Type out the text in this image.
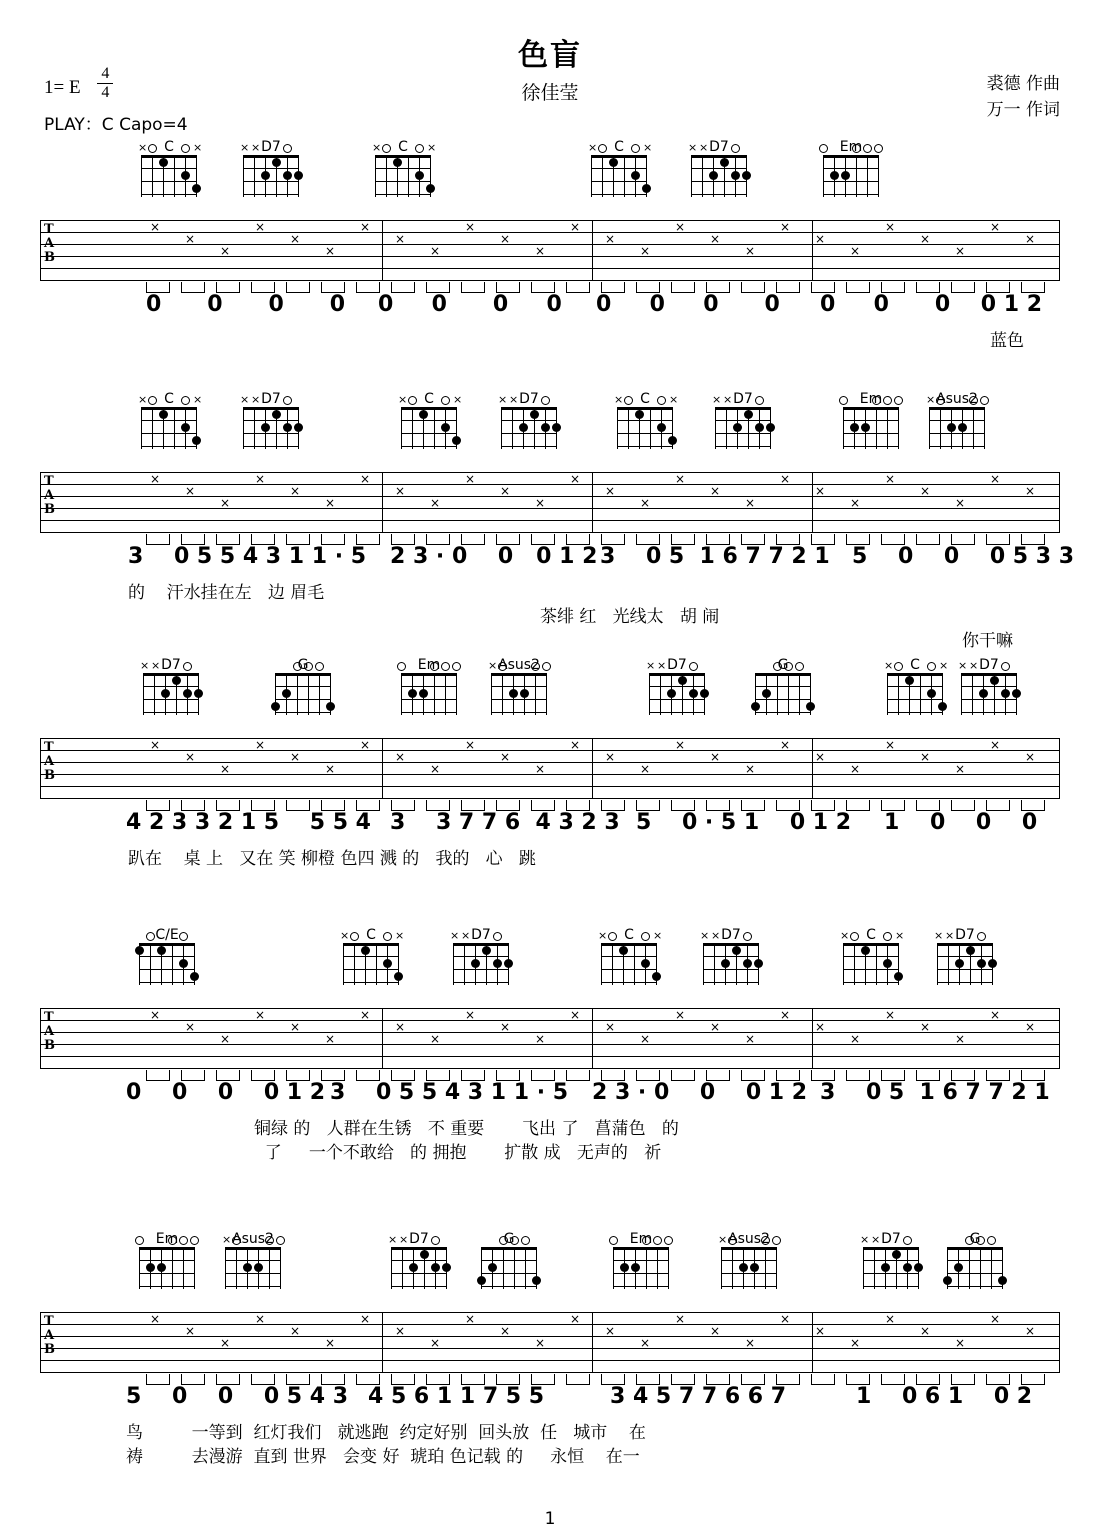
色盲
徐佳莹
1= E $\frac{4}{4}$
PLAY：C Capo=4
裘德 作曲
万一 作词
C
×	×	D7
× ×	C
×	×	C
×	×	D7
× ×	Em
T
A
B
×
×
×
×
×
×
×
×
×
×
×
×
×
×
×
×
×
×
×
×
×
×
×
×
×
×
0      0      0      0 0     0      0     0 0     0     0      0 0     0      0    0 1 2
蓝色
C
×	×	D7
× ×	C
×	×	D7
× ×	C
×	×	D7
× ×	Em	Asus2
×
T
A
B
×
×
×
×
×
×
×
×
×
×
×
×
×
×
×
×
×
×
×
×
×
×
×
×
×
×
3    0 5 5 4 3 1 1 · 5 2 3 · 0    0   0 1 2 3    0 5  1 6 7 7 2 1 5    0    0    0 5 3 3
的    汗水挂在左   边 眉毛
茶绯 红   光线太   胡 闹
你干嘛
D7
× ×	G	Em	Asus2
×	D7
× ×	G	C
×	×	D7
× ×
T
A
B
×
×
×
×
×
×
×
×
×
×
×
×
×
×
×
×
×
×
×
×
×
×
×
×
×
×
4 2 3 3 2 1 5    5 5 4 3    3 7 7 6  4 3 2 3 5    0 · 5 1    0 1 2 1    0    0    0
趴在    桌 上   又在 笑 柳橙 色四 溅 的   我的   心   跳
C/E	C
×	×	D7
× ×	C
×	×	D7
× ×	C
×	×	D7
× ×
T
A
B
×
×
×
×
×
×
×
×
×
×
×
×
×
×
×
×
×
×
×
×
×
×
×
×
×
×
0    0    0    0 1 2 3    0 5 5 4 3 1 1 · 5 2 3 · 0    0    0 1 2 3    0 5  1 6 7 7 2 1
铜绿 的   人群在生锈   不 重要       飞出 了   菖蒲色   的
了     一个不敢给   的 拥抱       扩散 成   无声的   祈
Em	Asus2
×	D7
× ×	G	Em	Asus2
×	D7
× ×	G
T
A
B
×
×
×
×
×
×
×
×
×
×
×
×
×
×
×
×
×
×
×
×
×
×
×
×
×
×
5    0    0    0 5 4 3 4 5 6 1 1 7 5 5	3 4 5 7 7 6 6 7	1    0 6 1    0 2
鸟         一等到  红灯我们   就逃跑  约定好别  回头放  任   城市    在
祷         去漫游  直到 世界   会变 好  琥珀 色记载 的     永恒    在一
1
